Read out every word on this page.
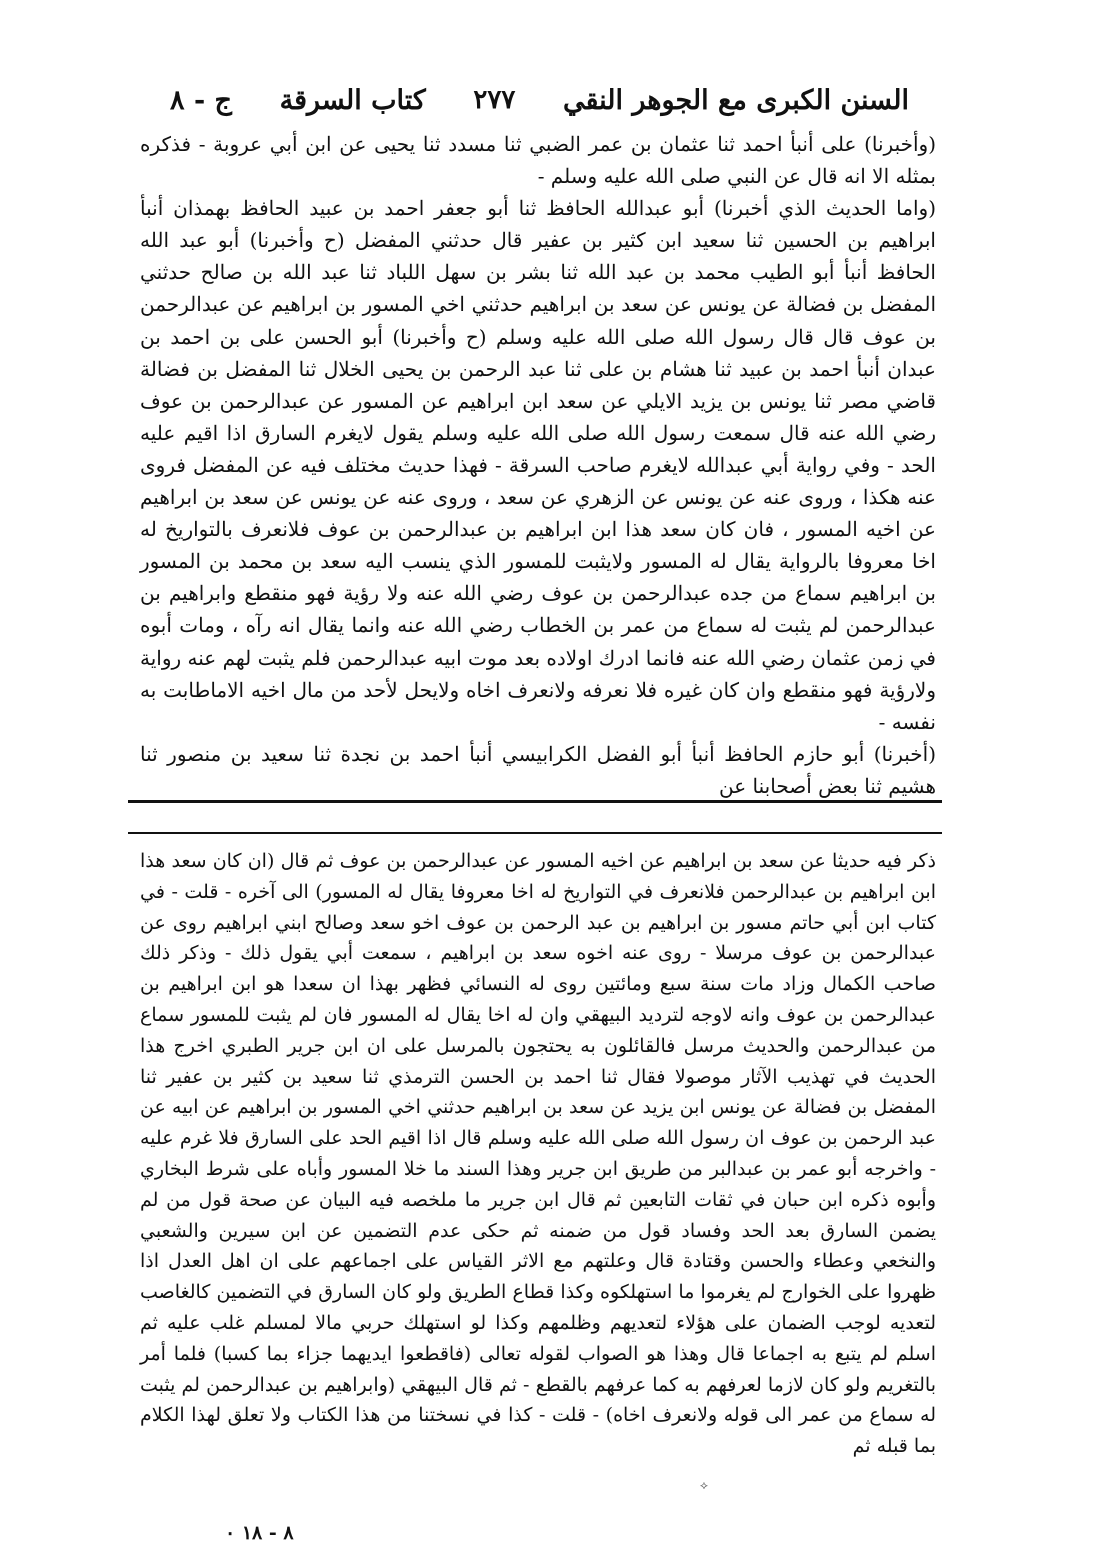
السنن الكبرى مع الجوهر النقي
٢٧٧
كتاب السرقة
ج - ٨

(وأخبرنا) على أنبأ احمد ثنا عثمان بن عمر الضبي ثنا مسدد ثنا يحيى عن ابن أبي عروبة - فذكره بمثله الا انه قال عن النبي صلى الله عليه وسلم -

(واما الحديث الذي أخبرنا) أبو عبدالله الحافظ ثنا أبو جعفر احمد بن عبيد الحافظ بهمذان أنبأ ابراهيم بن الحسين ثنا سعيد ابن كثير بن عفير قال حدثني المفضل (ح وأخبرنا) أبو عبد الله الحافظ أنبأ أبو الطيب محمد بن عبد الله ثنا بشر بن سهل اللباد ثنا عبد الله بن صالح حدثني المفضل بن فضالة عن يونس عن سعد بن ابراهيم حدثني اخي المسور بن ابراهيم عن عبدالرحمن بن عوف قال قال رسول الله صلى الله عليه وسلم (ح وأخبرنا) أبو الحسن على بن احمد بن عبدان أنبأ احمد بن عبيد ثنا هشام بن على ثنا عبد الرحمن بن يحيى الخلال ثنا المفضل بن فضالة قاضي مصر ثنا يونس بن يزيد الايلي عن سعد ابن ابراهيم عن المسور عن عبدالرحمن بن عوف رضي الله عنه قال سمعت رسول الله صلى الله عليه وسلم يقول لايغرم السارق اذا اقيم عليه الحد - وفي رواية أبي عبدالله لايغرم صاحب السرقة - فهذا حديث مختلف فيه عن المفضل فروى عنه هكذا ، وروى عنه عن يونس عن الزهري عن سعد ، وروى عنه عن يونس عن سعد بن ابراهيم عن اخيه المسور ، فان كان سعد هذا ابن ابراهيم بن عبدالرحمن بن عوف فلانعرف بالتواريخ له اخا معروفا بالرواية يقال له المسور ولايثبت للمسور الذي ينسب اليه سعد بن محمد بن المسور بن ابراهيم سماع من جده عبدالرحمن بن عوف رضي الله عنه ولا رؤية فهو منقطع وابراهيم بن عبدالرحمن لم يثبت له سماع من عمر بن الخطاب رضي الله عنه وانما يقال انه رآه ، ومات أبوه في زمن عثمان رضي الله عنه فانما ادرك اولاده بعد موت ابيه عبدالرحمن فلم يثبت لهم عنه رواية ولارؤية فهو منقطع وان كان غيره فلا نعرفه ولانعرف اخاه ولايحل لأحد من مال اخيه الاماطابت به نفسه -

(أخبرنا) أبو حازم الحافظ أنبأ أبو الفضل الكرابيسي أنبأ احمد بن نجدة ثنا سعيد بن منصور ثنا هشيم ثنا بعض أصحابنا عن

ذكر فيه حديثا عن سعد بن ابراهيم عن اخيه المسور عن عبدالرحمن بن عوف ثم قال (ان كان سعد هذا ابن ابراهيم بن عبدالرحمن فلانعرف في التواريخ له اخا معروفا يقال له المسور) الى آخره - قلت - في كتاب ابن أبي حاتم مسور بن ابراهيم بن عبد الرحمن بن عوف اخو سعد وصالح ابني ابراهيم روى عن عبدالرحمن بن عوف مرسلا - روى عنه اخوه سعد بن ابراهيم ، سمعت أبي يقول ذلك - وذكر ذلك صاحب الكمال وزاد مات سنة سبع ومائتين روى له النسائي فظهر بهذا ان سعدا هو ابن ابراهيم بن عبدالرحمن بن عوف وانه لاوجه لترديد البيهقي وان له اخا يقال له المسور فان لم يثبت للمسور سماع من عبدالرحمن والحديث مرسل فالقائلون به يحتجون بالمرسل على ان ابن جرير الطبري اخرج هذا الحديث في تهذيب الآثار موصولا فقال ثنا احمد بن الحسن الترمذي ثنا سعيد بن كثير بن عفير ثنا المفضل بن فضالة عن يونس ابن يزيد عن سعد بن ابراهيم حدثني اخي المسور بن ابراهيم عن ابيه عن عبد الرحمن بن عوف ان رسول الله صلى الله عليه وسلم قال اذا اقيم الحد على السارق فلا غرم عليه - واخرجه أبو عمر بن عبدالبر من طريق ابن جرير وهذا السند ما خلا المسور وأباه على شرط البخاري وأبوه ذكره ابن حبان في ثقات التابعين ثم قال ابن جرير ما ملخصه فيه البيان عن صحة قول من لم يضمن السارق بعد الحد وفساد قول من ضمنه ثم حكى عدم التضمين عن ابن سيرين والشعبي والنخعي وعطاء والحسن وقتادة قال وعلتهم مع الاثر القياس على اجماعهم على ان اهل العدل اذا ظهروا على الخوارج لم يغرموا ما استهلكوه وكذا قطاع الطريق ولو كان السارق في التضمين كالغاصب لتعديه لوجب الضمان على هؤلاء لتعديهم وظلمهم وكذا لو استهلك حربي مالا لمسلم غلب عليه ثم اسلم لم يتبع به اجماعا قال وهذا هو الصواب لقوله تعالى (فاقطعوا ايديهما جزاء بما كسبا) فلما أمر بالتغريم ولو كان لازما لعرفهم به كما عرفهم بالقطع - ثم قال البيهقي (وابراهيم بن عبدالرحمن لم يثبت له سماع من عمر الى قوله ولانعرف اخاه) - قلت - كذا في نسختنا من هذا الكتاب ولا تعلق لهذا الكلام بما قبله ثم

⟡
٨ - ١٨ ٠
